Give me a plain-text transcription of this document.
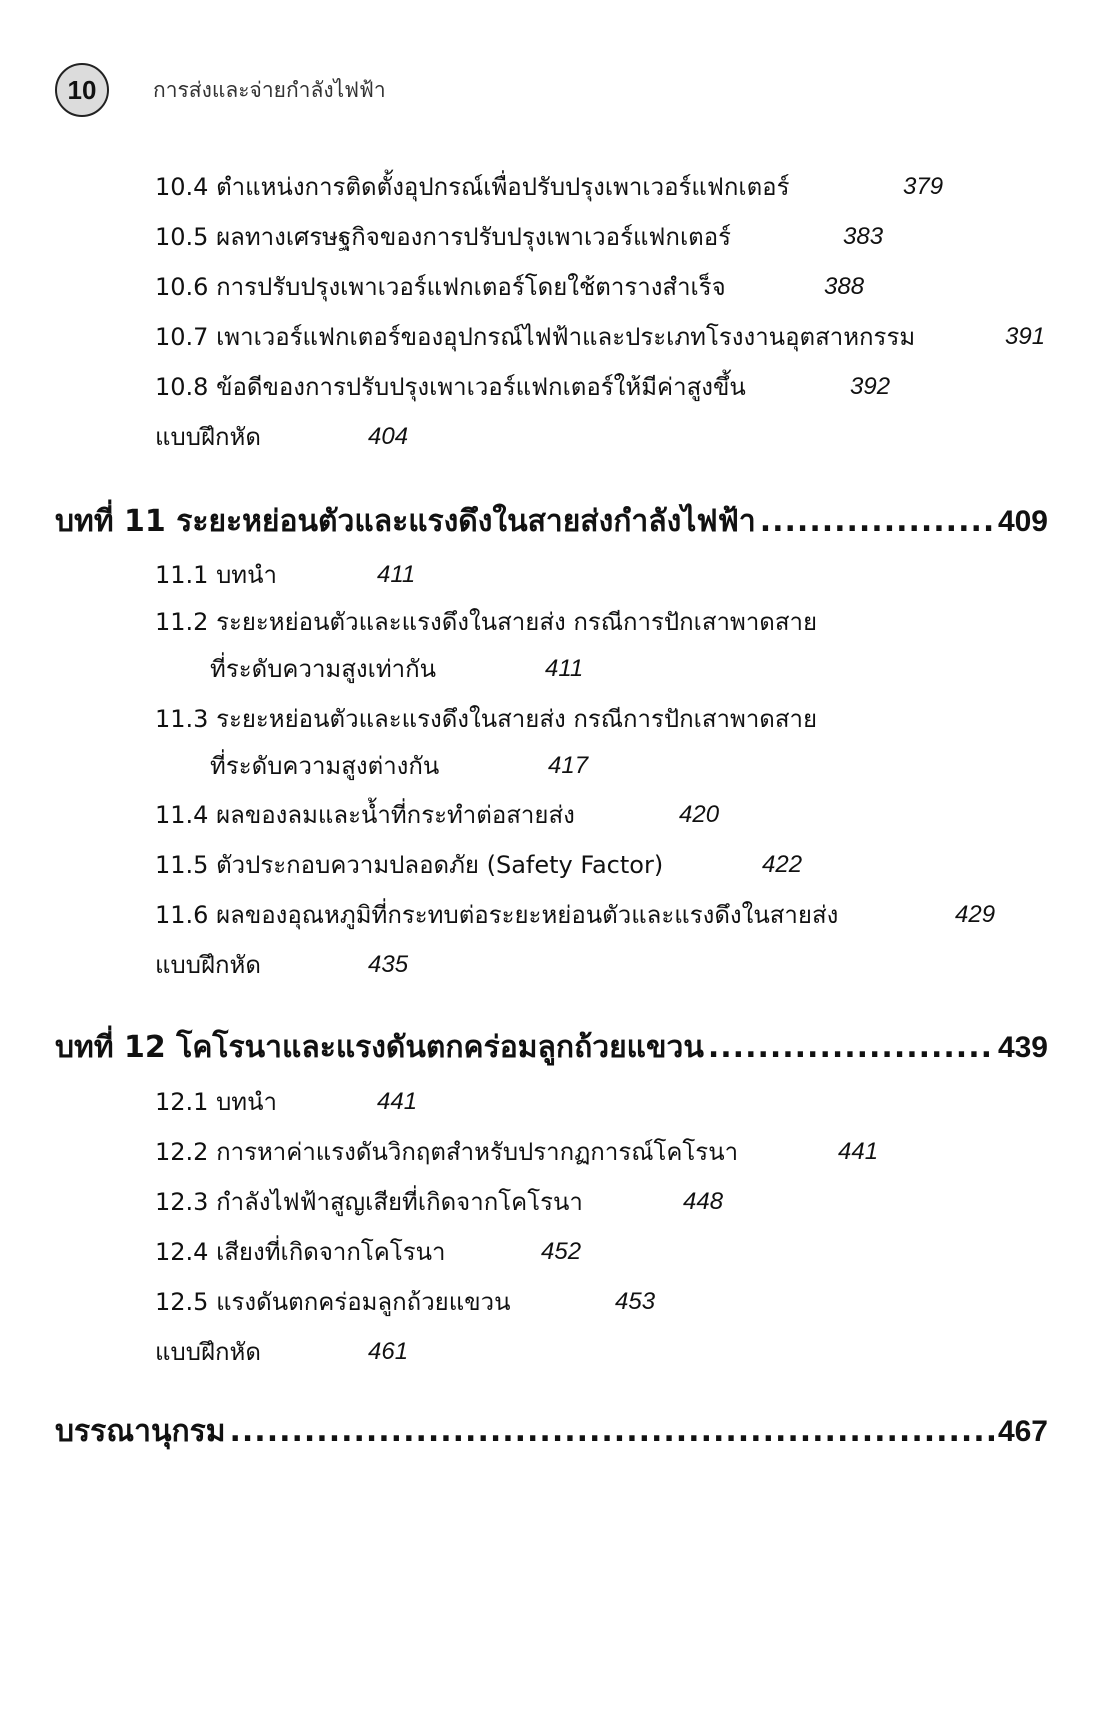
10	การส่งและจ่ายกำลังไฟฟ้า
10.4 ตำแหน่งการติดตั้งอุปกรณ์เพื่อปรับปรุงเพาเวอร์แฟกเตอร์	379
10.5 ผลทางเศรษฐกิจของการปรับปรุงเพาเวอร์แฟกเตอร์	383
10.6 การปรับปรุงเพาเวอร์แฟกเตอร์โดยใช้ตารางสำเร็จ	388
10.7 เพาเวอร์แฟกเตอร์ของอุปกรณ์ไฟฟ้าและประเภทโรงงานอุตสาหกรรม	391
10.8 ข้อดีของการปรับปรุงเพาเวอร์แฟกเตอร์ให้มีค่าสูงขึ้น	392
แบบฝึกหัด	404
บทที่ 11 ระยะหย่อนตัวและแรงดึงในสายส่งกำลังไฟฟ้า .....	409
11.1 บทนำ	411
11.2 ระยะหย่อนตัวและแรงดึงในสายส่ง กรณีการปักเสาพาดสาย
ที่ระดับความสูงเท่ากัน	411
11.3 ระยะหย่อนตัวและแรงดึงในสายส่ง กรณีการปักเสาพาดสาย
ที่ระดับความสูงต่างกัน	417
11.4 ผลของลมและน้ำที่กระทำต่อสายส่ง	420
11.5 ตัวประกอบความปลอดภัย (Safety Factor)	422
11.6 ผลของอุณหภูมิที่กระทบต่อระยะหย่อนตัวและแรงดึงในสายส่ง	429
แบบฝึกหัด	435
บทที่ 12 โคโรนาและแรงดันตกคร่อมลูกถ้วยแขวน .....	439
12.1 บทนำ	441
12.2 การหาค่าแรงดันวิกฤตสำหรับปรากฏการณ์โคโรนา	441
12.3 กำลังไฟฟ้าสูญเสียที่เกิดจากโคโรนา	448
12.4 เสียงที่เกิดจากโคโรนา	452
12.5 แรงดันตกคร่อมลูกถ้วยแขวน	453
แบบฝึกหัด	461
บรรณานุกรม .....	467
